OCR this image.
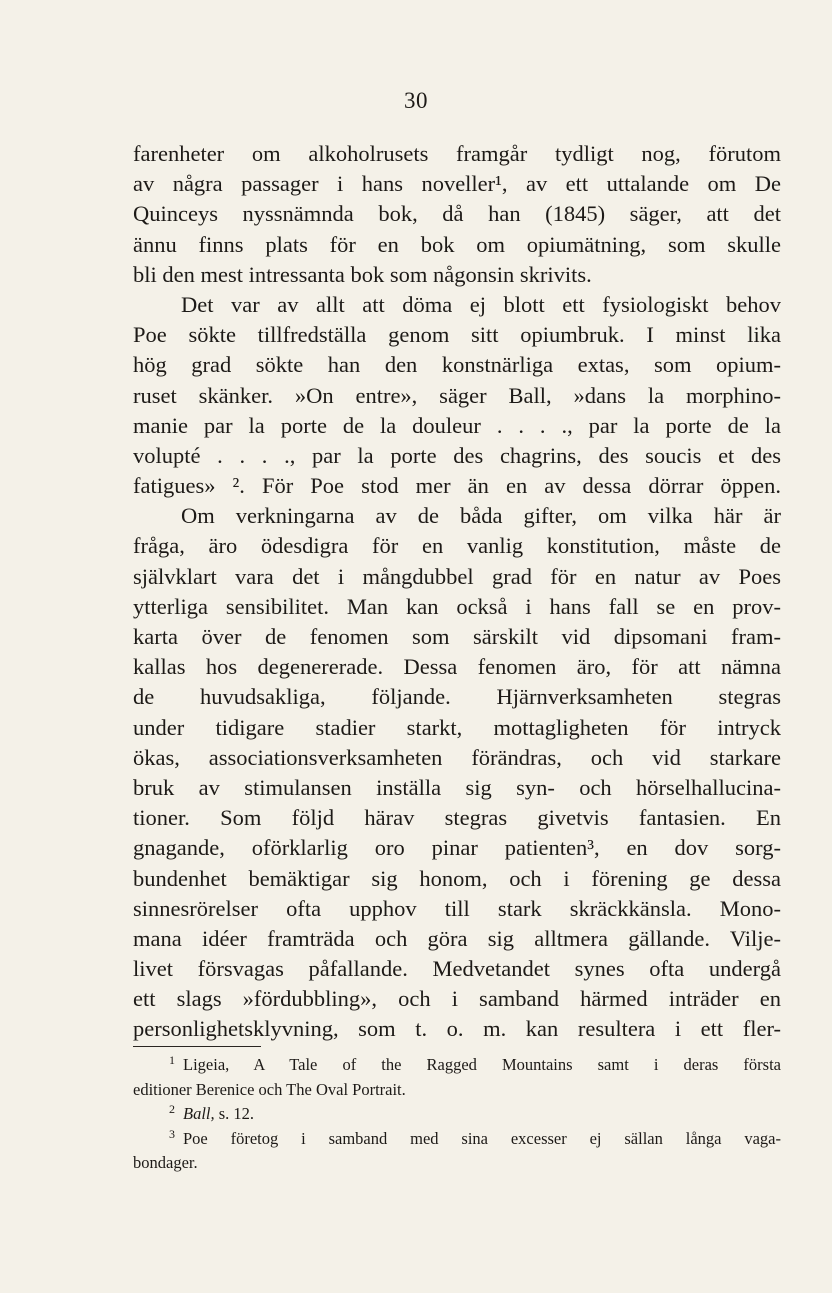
30
farenheter om alkoholrusets framgår tydligt nog, förutom
av några passager i hans noveller¹, av ett uttalande om De
Quinceys nyssnämnda bok, då han (1845) säger, att det
ännu finns plats för en bok om opiumätning, som skulle
bli den mest intressanta bok som någonsin skrivits.
Det var av allt att döma ej blott ett fysiologiskt behov
Poe sökte tillfredställa genom sitt opiumbruk. I minst lika
hög grad sökte han den konstnärliga extas, som opium-
ruset skänker. »On entre», säger Ball, »dans la morphino-
manie par la porte de la douleur . . . ., par la porte de la
volupté . . . ., par la porte des chagrins, des soucis et des
fatigues» ². För Poe stod mer än en av dessa dörrar öppen.
Om verkningarna av de båda gifter, om vilka här är
fråga, äro ödesdigra för en vanlig konstitution, måste de
självklart vara det i mångdubbel grad för en natur av Poes
ytterliga sensibilitet. Man kan också i hans fall se en prov-
karta över de fenomen som särskilt vid dipsomani fram-
kallas hos degenererade. Dessa fenomen äro, för att nämna
de huvudsakliga, följande. Hjärnverksamheten stegras
under tidigare stadier starkt, mottagligheten för intryck
ökas, associationsverksamheten förändras, och vid starkare
bruk av stimulansen inställa sig syn- och hörselhallucina-
tioner. Som följd härav stegras givetvis fantasien. En
gnagande, oförklarlig oro pinar patienten³, en dov sorg-
bundenhet bemäktigar sig honom, och i förening ge dessa
sinnesrörelser ofta upphov till stark skräckkänsla. Mono-
mana idéer framträda och göra sig alltmera gällande. Vilje-
livet försvagas påfallande. Medvetandet synes ofta undergå
ett slags »fördubbling», och i samband härmed inträder en
personlighetsklyvning, som t. o. m. kan resultera i ett fler-
$^1$ Ligeia, A Tale of the Ragged Mountains samt i deras första
editioner Berenice och The Oval Portrait.
$^2$ Ball, s. 12.
$^3$ Poe företog i samband med sina excesser ej sällan långa vaga-
bondager.
